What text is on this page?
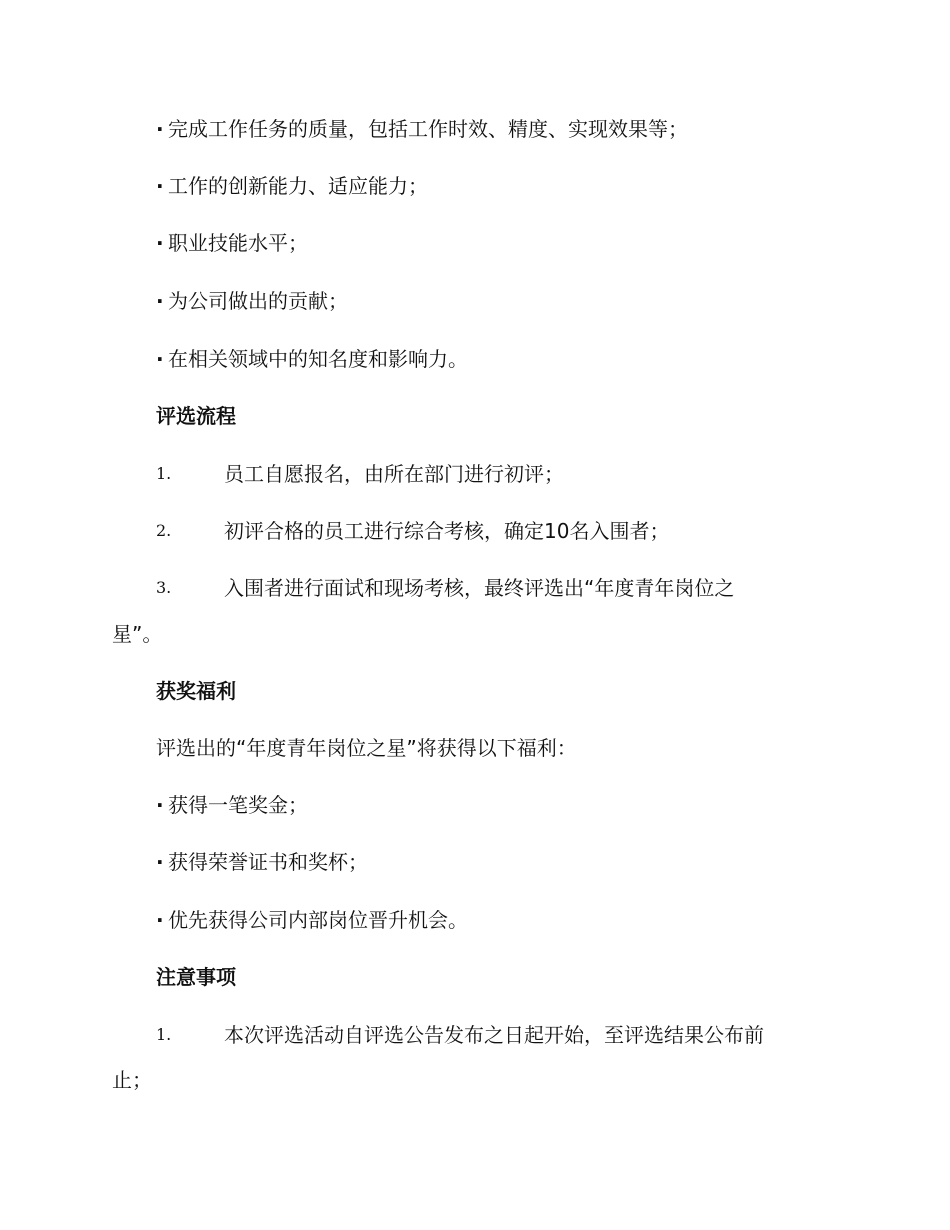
· 完成工作任务的质量，包括工作时效、精度、实现效果等；
· 工作的创新能力、适应能力；
· 职业技能水平；
· 为公司做出的贡献；
· 在相关领域中的知名度和影响力。
评选流程
1.	员工自愿报名，由所在部门进行初评；
2.	初评合格的员工进行综合考核，确定10名入围者；
3.	入围者进行面试和现场考核，最终评选出“年度青年岗位之
星”。
获奖福利
评选出的“年度青年岗位之星”将获得以下福利：
· 获得一笔奖金；
· 获得荣誉证书和奖杯；
· 优先获得公司内部岗位晋升机会。
注意事项
1.	本次评选活动自评选公告发布之日起开始，至评选结果公布前
止；
